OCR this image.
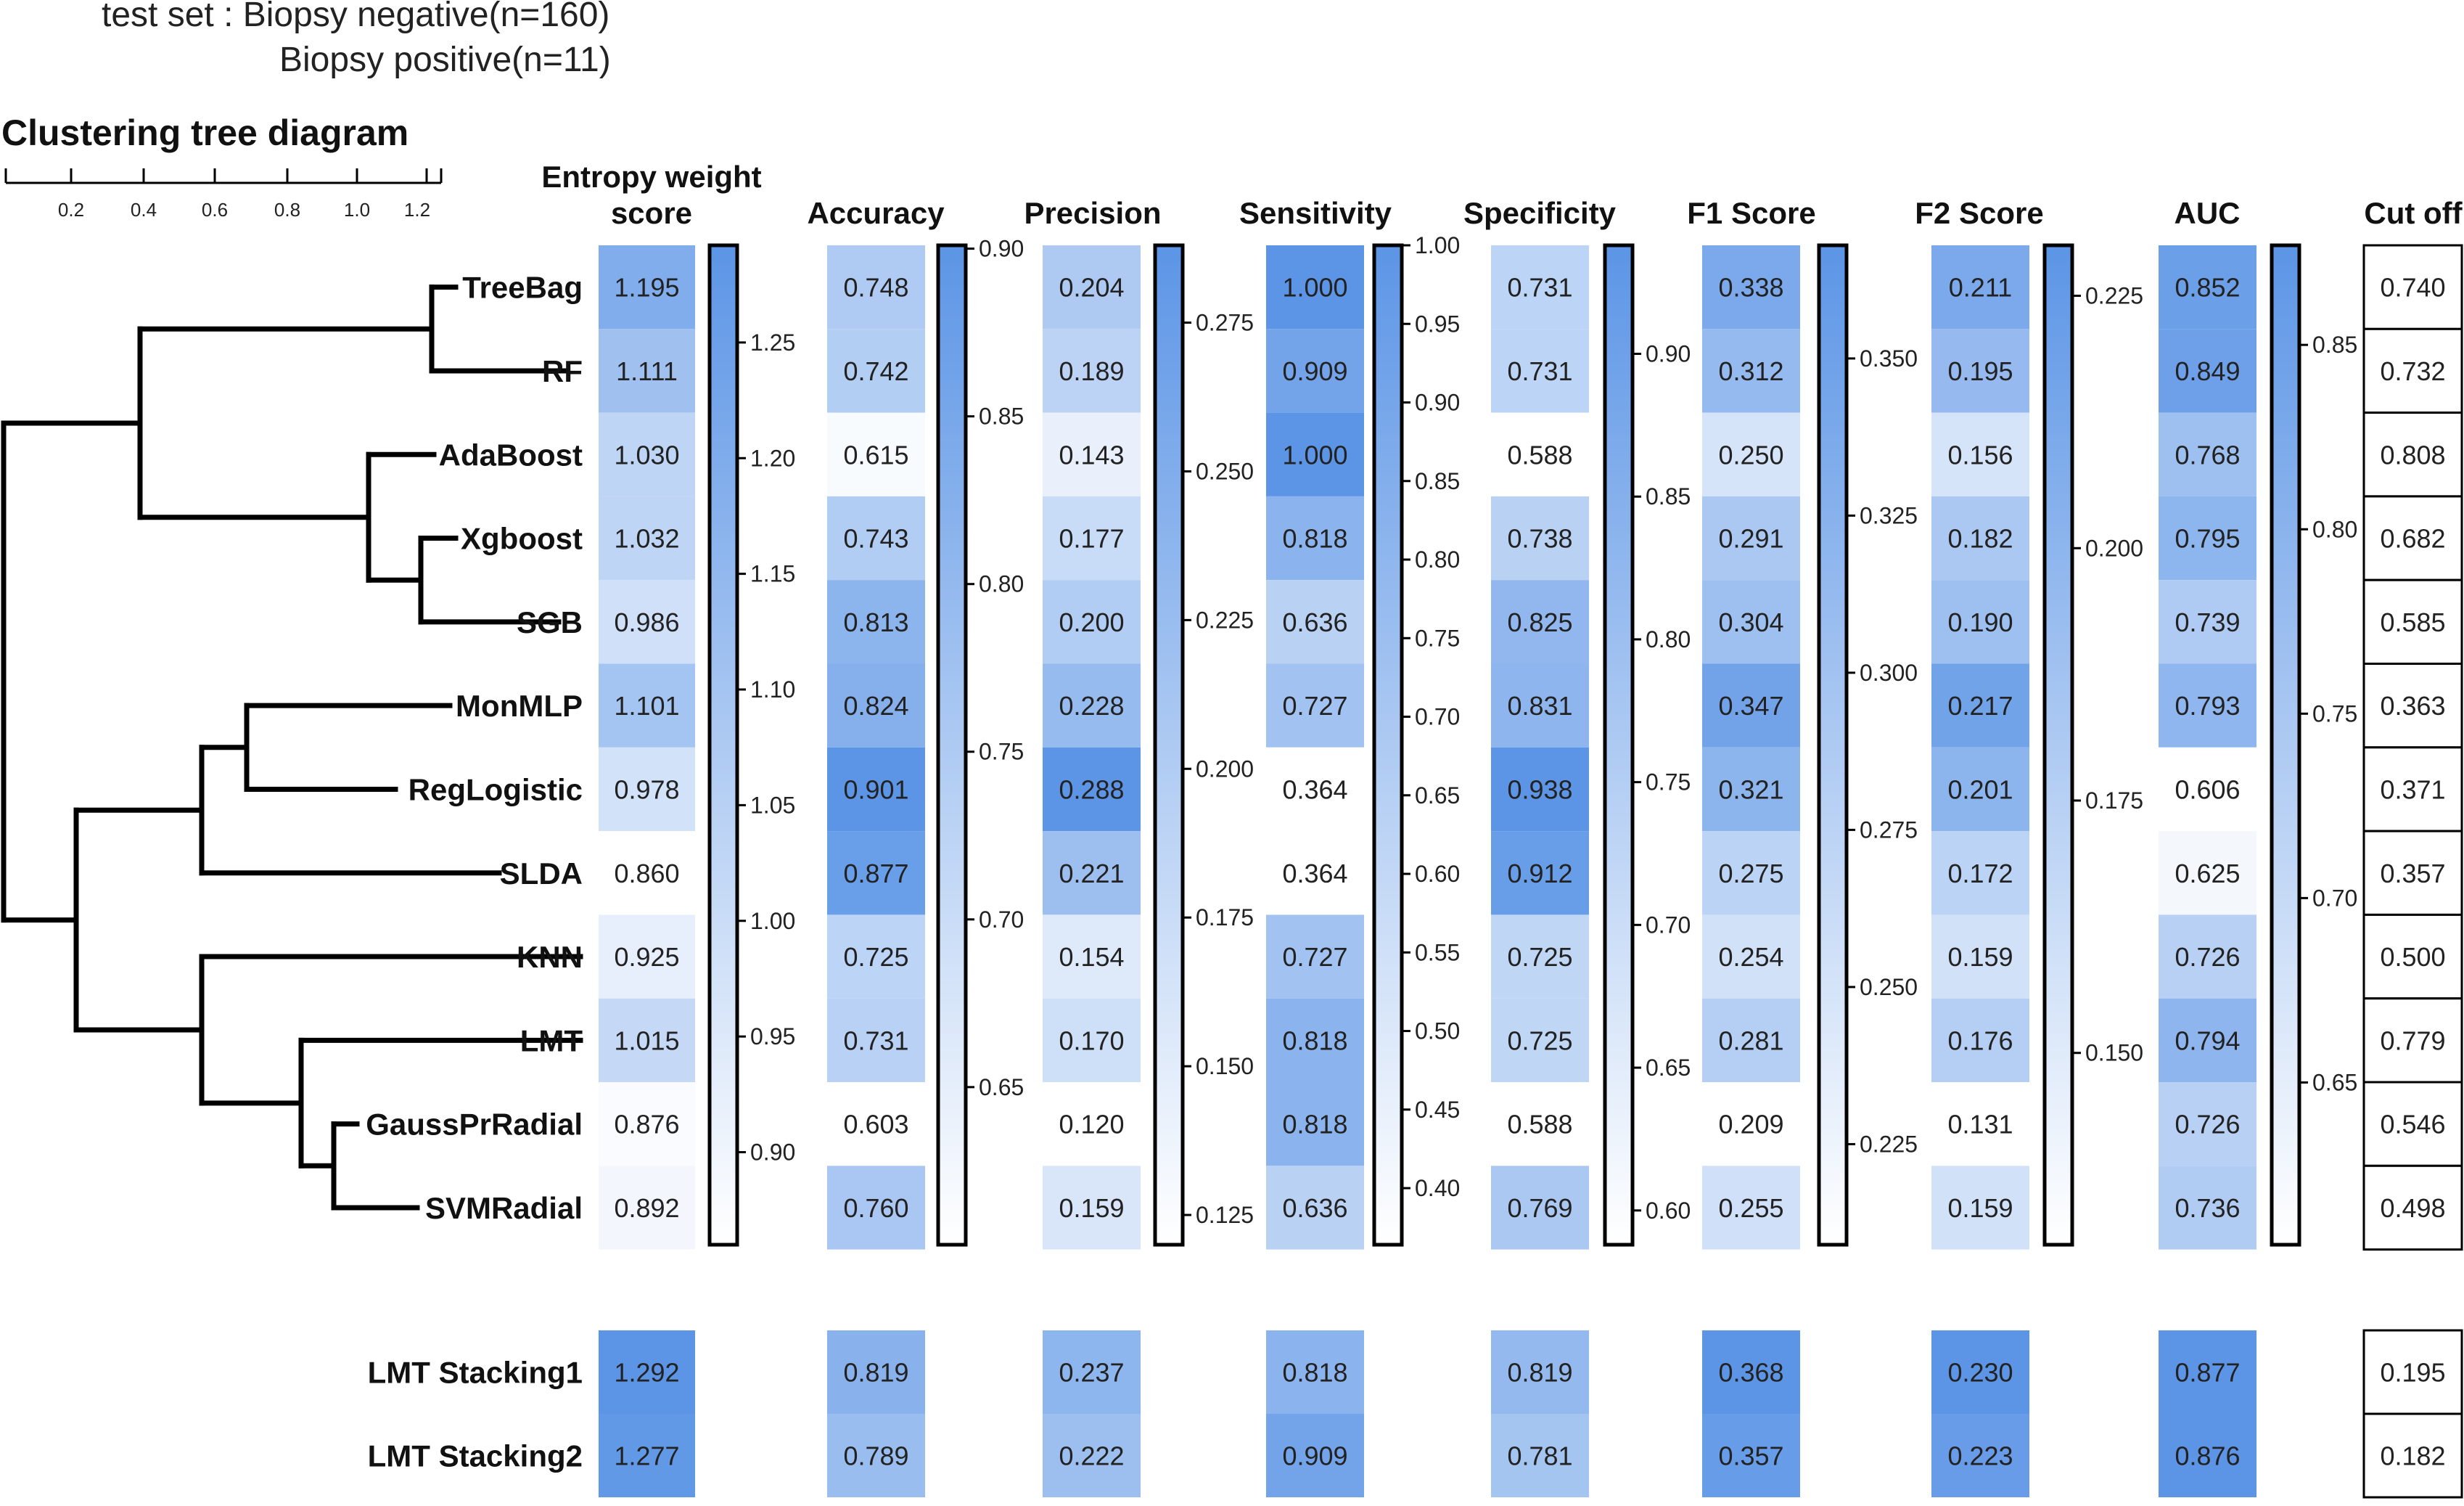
test set : Biopsy negative(n=160)
Biopsy positive(n=11)
Clustering tree diagram
0.2 0.4 0.6 0.8 1.0 1.2
TreeBag
RF
AdaBoost
Xgboost
SGB
MonMLP
RegLogistic
SLDA
KNN
LMT
GaussPrRadial
SVMRadial
LMT Stacking1
LMT Stacking2
Entropy weight
score
1.195
1.111
1.030
1.032
0.986
1.101
0.978
0.860
0.925
1.015
0.876
0.892
1.292
1.277
0.90
0.95
1.00
1.05
1.10
1.15
1.20
1.25
Accuracy
0.748
0.742
0.615
0.743
0.813
0.824
0.901
0.877
0.725
0.731
0.603
0.760
0.819
0.789
0.65
0.70
0.75
0.80
0.85
0.90
Precision
0.204
0.189
0.143
0.177
0.200
0.228
0.288
0.221
0.154
0.170
0.120
0.159
0.237
0.222
0.125
0.150
0.175
0.200
0.225
0.250
0.275
Sensitivity
1.000
0.909
1.000
0.818
0.636
0.727
0.364
0.364
0.727
0.818
0.818
0.636
0.818
0.909
0.40
0.45
0.50
0.55
0.60
0.65
0.70
0.75
0.80
0.85
0.90
0.95
1.00
Specificity
0.731
0.731
0.588
0.738
0.825
0.831
0.938
0.912
0.725
0.725
0.588
0.769
0.819
0.781
0.60
0.65
0.70
0.75
0.80
0.85
0.90
F1 Score
0.338
0.312
0.250
0.291
0.304
0.347
0.321
0.275
0.254
0.281
0.209
0.255
0.368
0.357
0.225
0.250
0.275
0.300
0.325
0.350
F2 Score
0.211
0.195
0.156
0.182
0.190
0.217
0.201
0.172
0.159
0.176
0.131
0.159
0.230
0.223
0.150
0.175
0.200
0.225
AUC
0.852
0.849
0.768
0.795
0.739
0.793
0.606
0.625
0.726
0.794
0.726
0.736
0.877
0.876
0.65
0.70
0.75
0.80
0.85
Cut off
0.740
0.732
0.808
0.682
0.585
0.363
0.371
0.357
0.500
0.779
0.546
0.498
0.195
0.182
